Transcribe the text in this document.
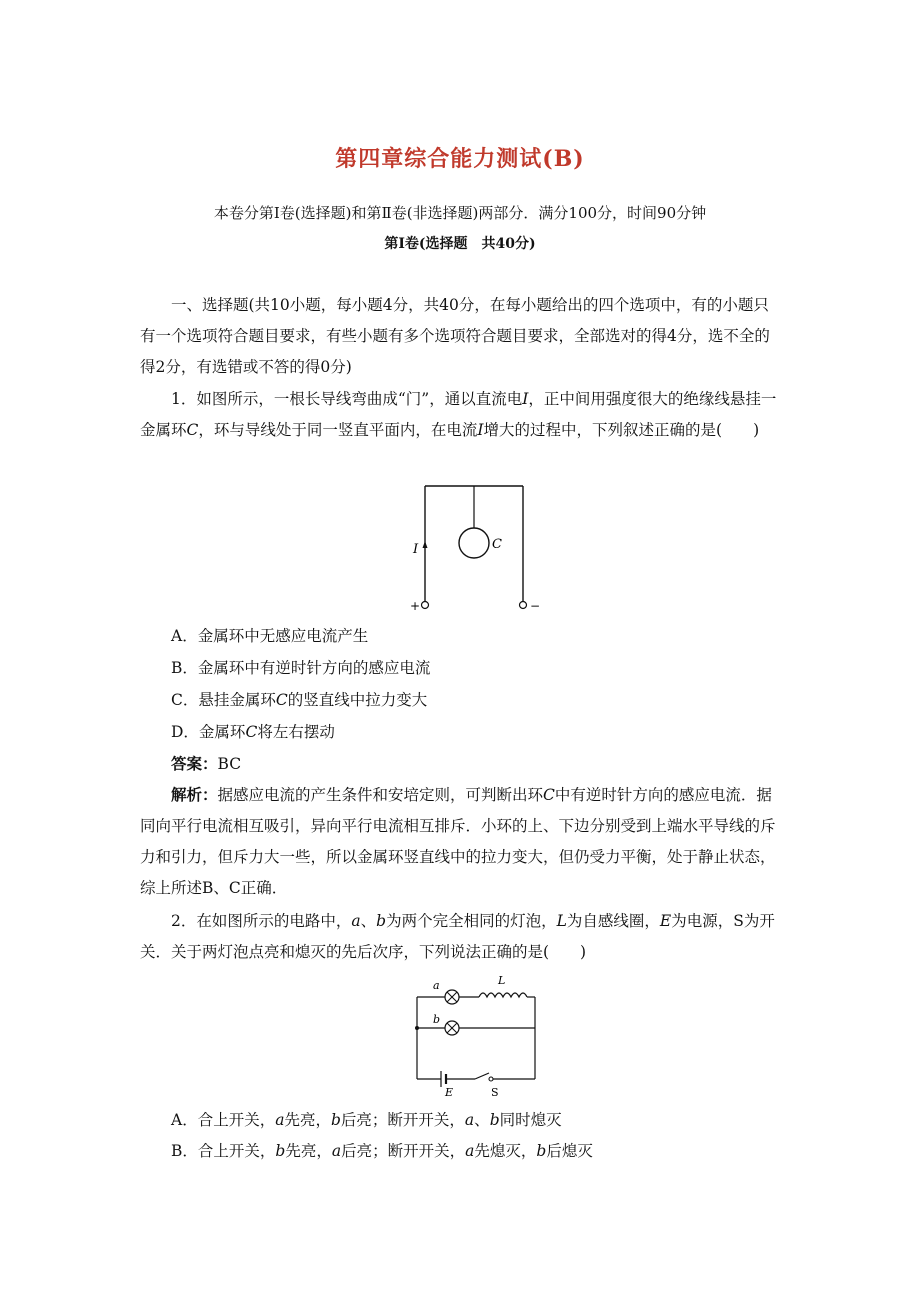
第四章综合能力测试(B)
本卷分第Ⅰ卷(选择题)和第Ⅱ卷(非选择题)两部分．满分100分，时间90分钟
第Ⅰ卷(选择题　共40分)
一、选择题(共10小题，每小题4分，共40分，在每小题给出的四个选项中，有的小题只有一个选项符合题目要求，有些小题有多个选项符合题目要求，全部选对的得4分，选不全的得2分，有选错或不答的得0分)
1．如图所示，一根长导线弯曲成“门”，通以直流电I，正中间用强度很大的绝缘线悬挂一金属环C，环与导线处于同一竖直平面内，在电流I增大的过程中，下列叙述正确的是(　　)
I	C
+	−
A．金属环中无感应电流产生
B．金属环中有逆时针方向的感应电流
C．悬挂金属环C的竖直线中拉力变大
D．金属环C将左右摆动
答案：BC
解析：据感应电流的产生条件和安培定则，可判断出环C中有逆时针方向的感应电流．据同向平行电流相互吸引，异向平行电流相互排斥．小环的上、下边分别受到上端水平导线的斥力和引力，但斥力大一些，所以金属环竖直线中的拉力变大，但仍受力平衡，处于静止状态，综上所述B、C正确．
2．在如图所示的电路中，a、b为两个完全相同的灯泡，L为自感线圈，E为电源，S为开关．关于两灯泡点亮和熄灭的先后次序，下列说法正确的是(　　)
a
b
L
E	S
A．合上开关，a先亮，b后亮；断开开关，a、b同时熄灭
B．合上开关，b先亮，a后亮；断开开关，a先熄灭，b后熄灭
